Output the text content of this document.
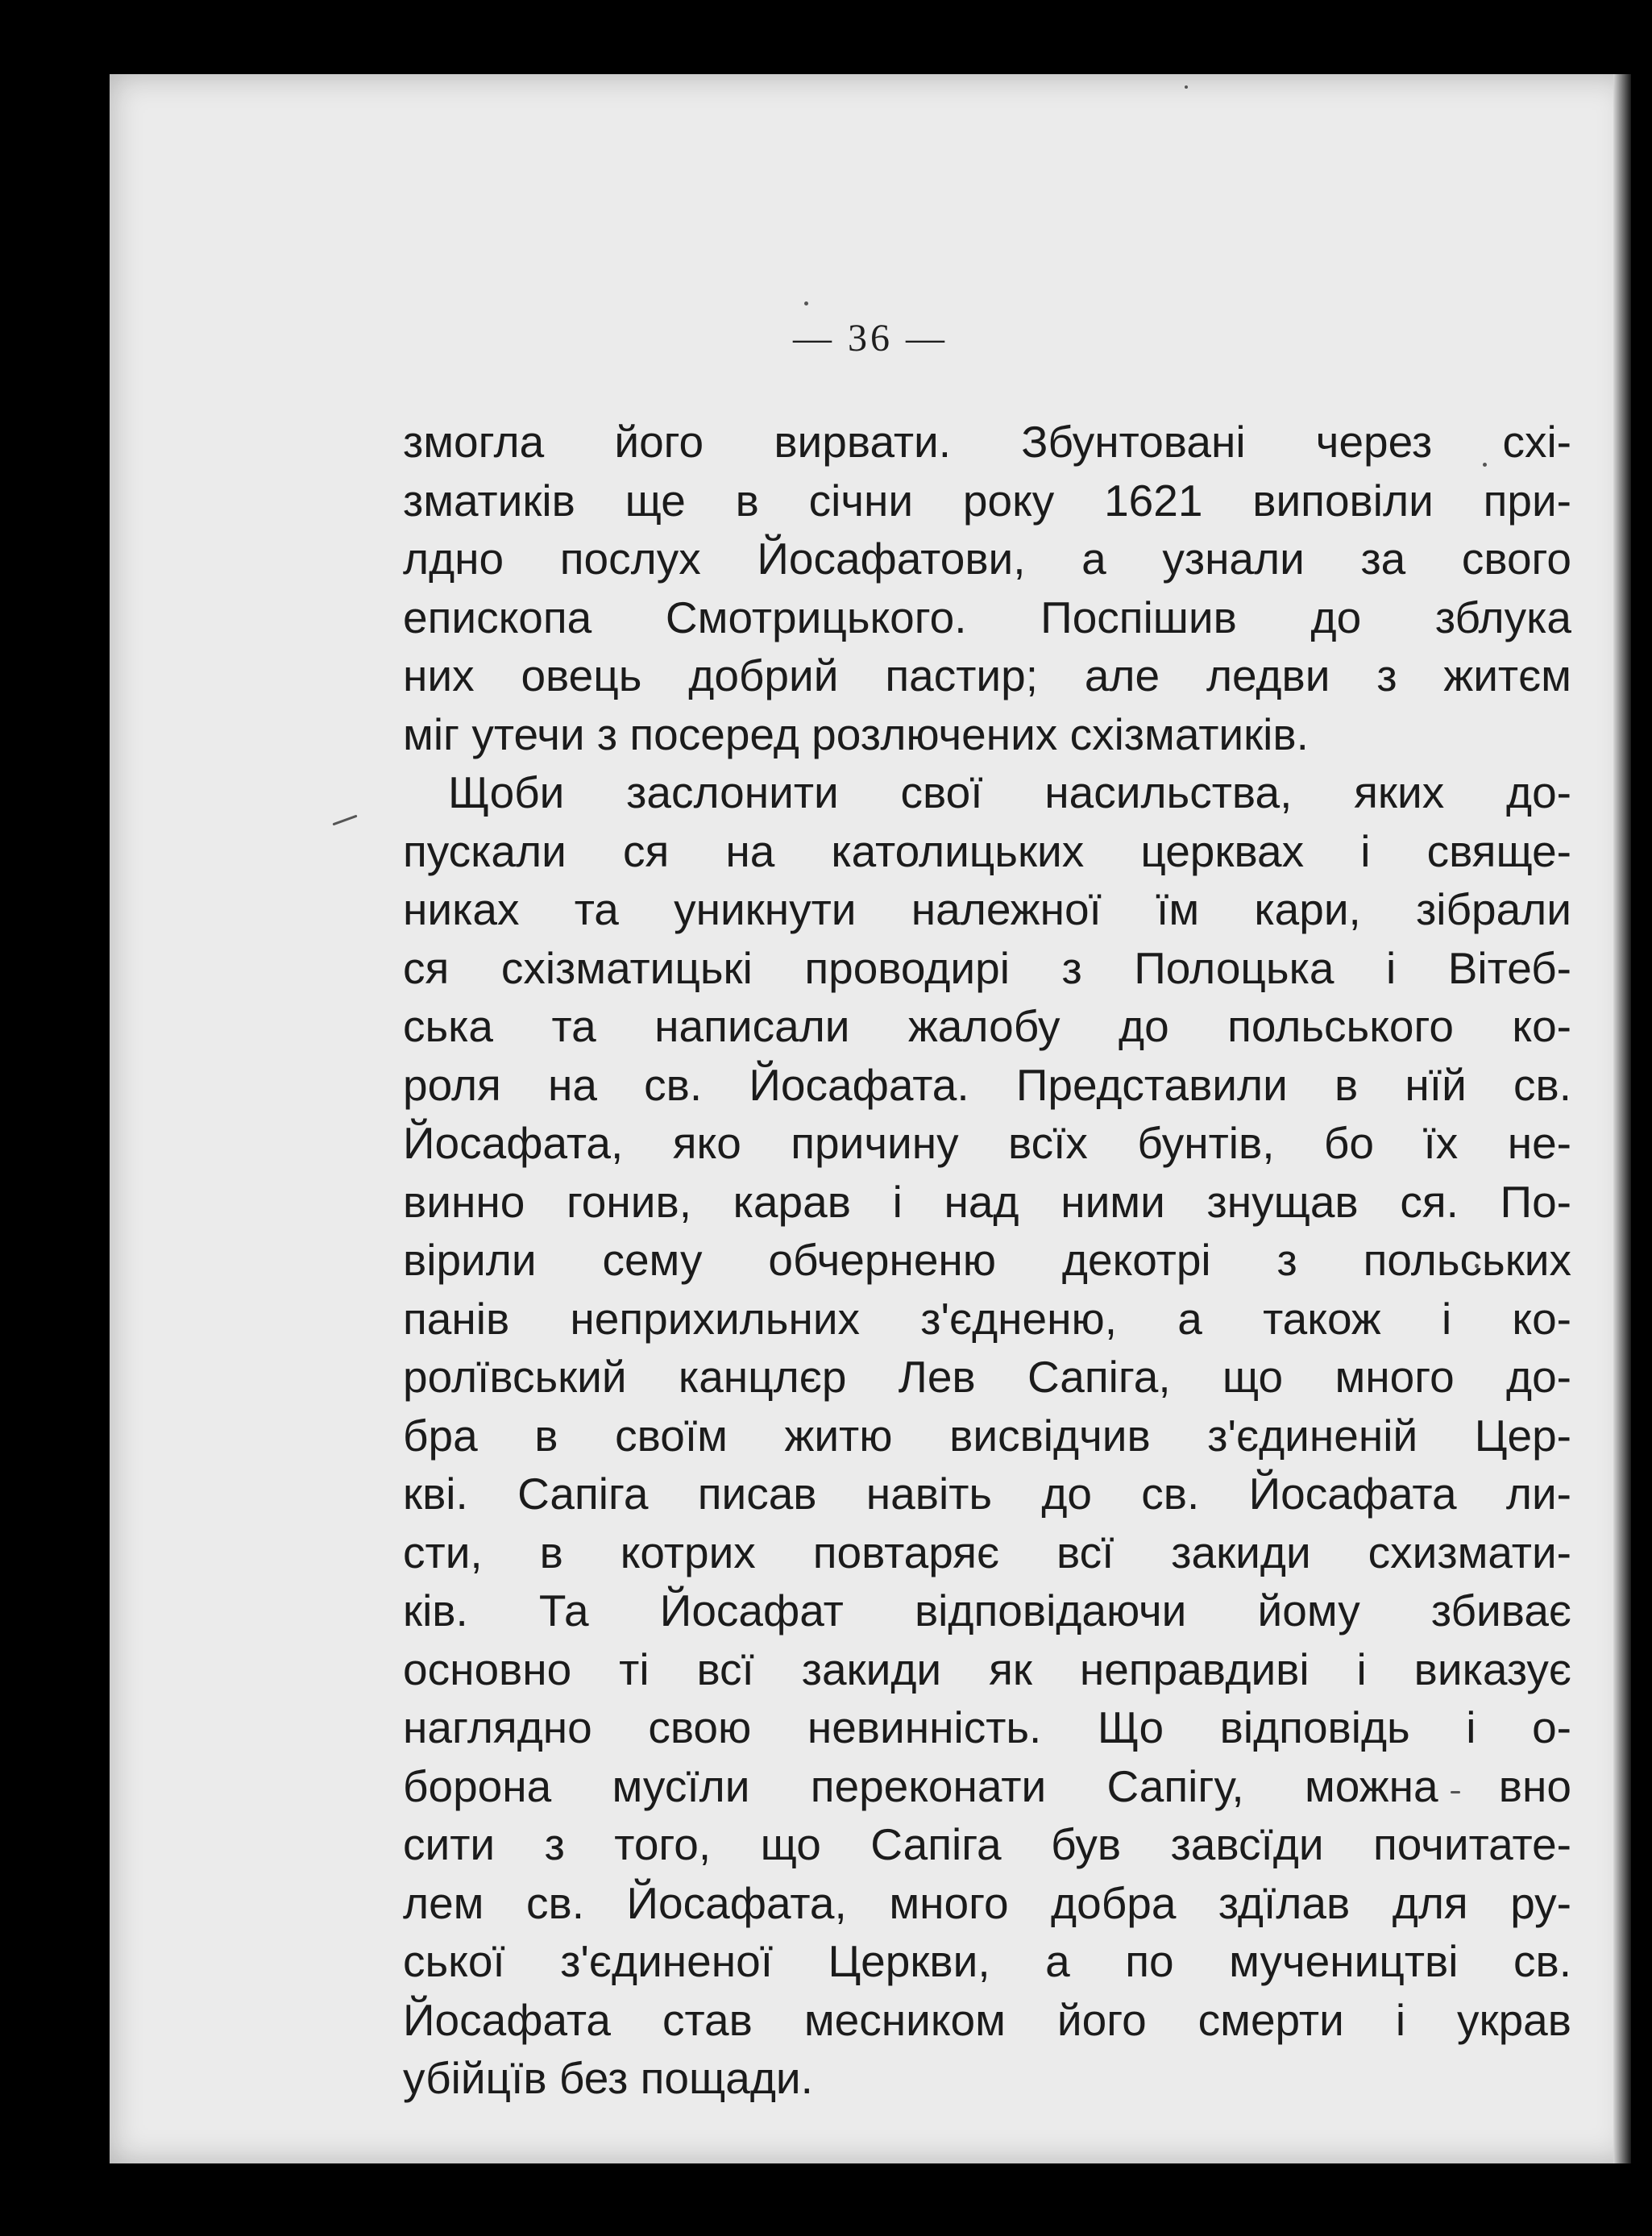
— 36 —
змогла його вирвати. Збунтовані через схі-
зматиків ще в січни року 1621 виповіли при-
лдно послух Йосафатови, а узнали за свого
епископа Смотрицького. Поспішив до зблука
них овець добрий пастир; але ледви з житєм
міг утечи з посеред розлючених схізматиків.
Щоби заслонити свої насильства, яких до-
пускали ся на католицьких церквах і свяще-
никах та уникнути належної їм кари, зібрали
ся схізматицькі проводирі з Полоцька і Вітеб-
ська та написали жалобу до польського ко-
роля на св. Йосафата. Представили в нїй св.
Йосафата, яко причину всїх бунтів, бо їх не-
винно гонив, карав і над ними знущав ся. По-
вірили сему обчерненю декотрі з польських
панів неприхильних з'єдненю, а також і ко-
ролївський канцлєр Лев Сапіга, що много до-
бра в своїм житю висвідчив з'єдиненій Цер-
кві. Сапіга писав навіть до св. Йосафата ли-
сти, в котрих повтаряє всї закиди схизмати-
ків. Та Йосафат відповідаючи йому збиває
основно ті всї закиди як неправдиві і виказує
наглядно свою невинність. Що відповідь і о-
борона мусїли переконати Сапігу, можна вно
сити з того, що Сапіга був завсїди почитате-
лем св. Йосафата, много добра здїлав для ру-
ської з'єдиненої Церкви, а по мучеництві св.
Йосафата став месником його смерти і украв
убійцїв без пощади.
